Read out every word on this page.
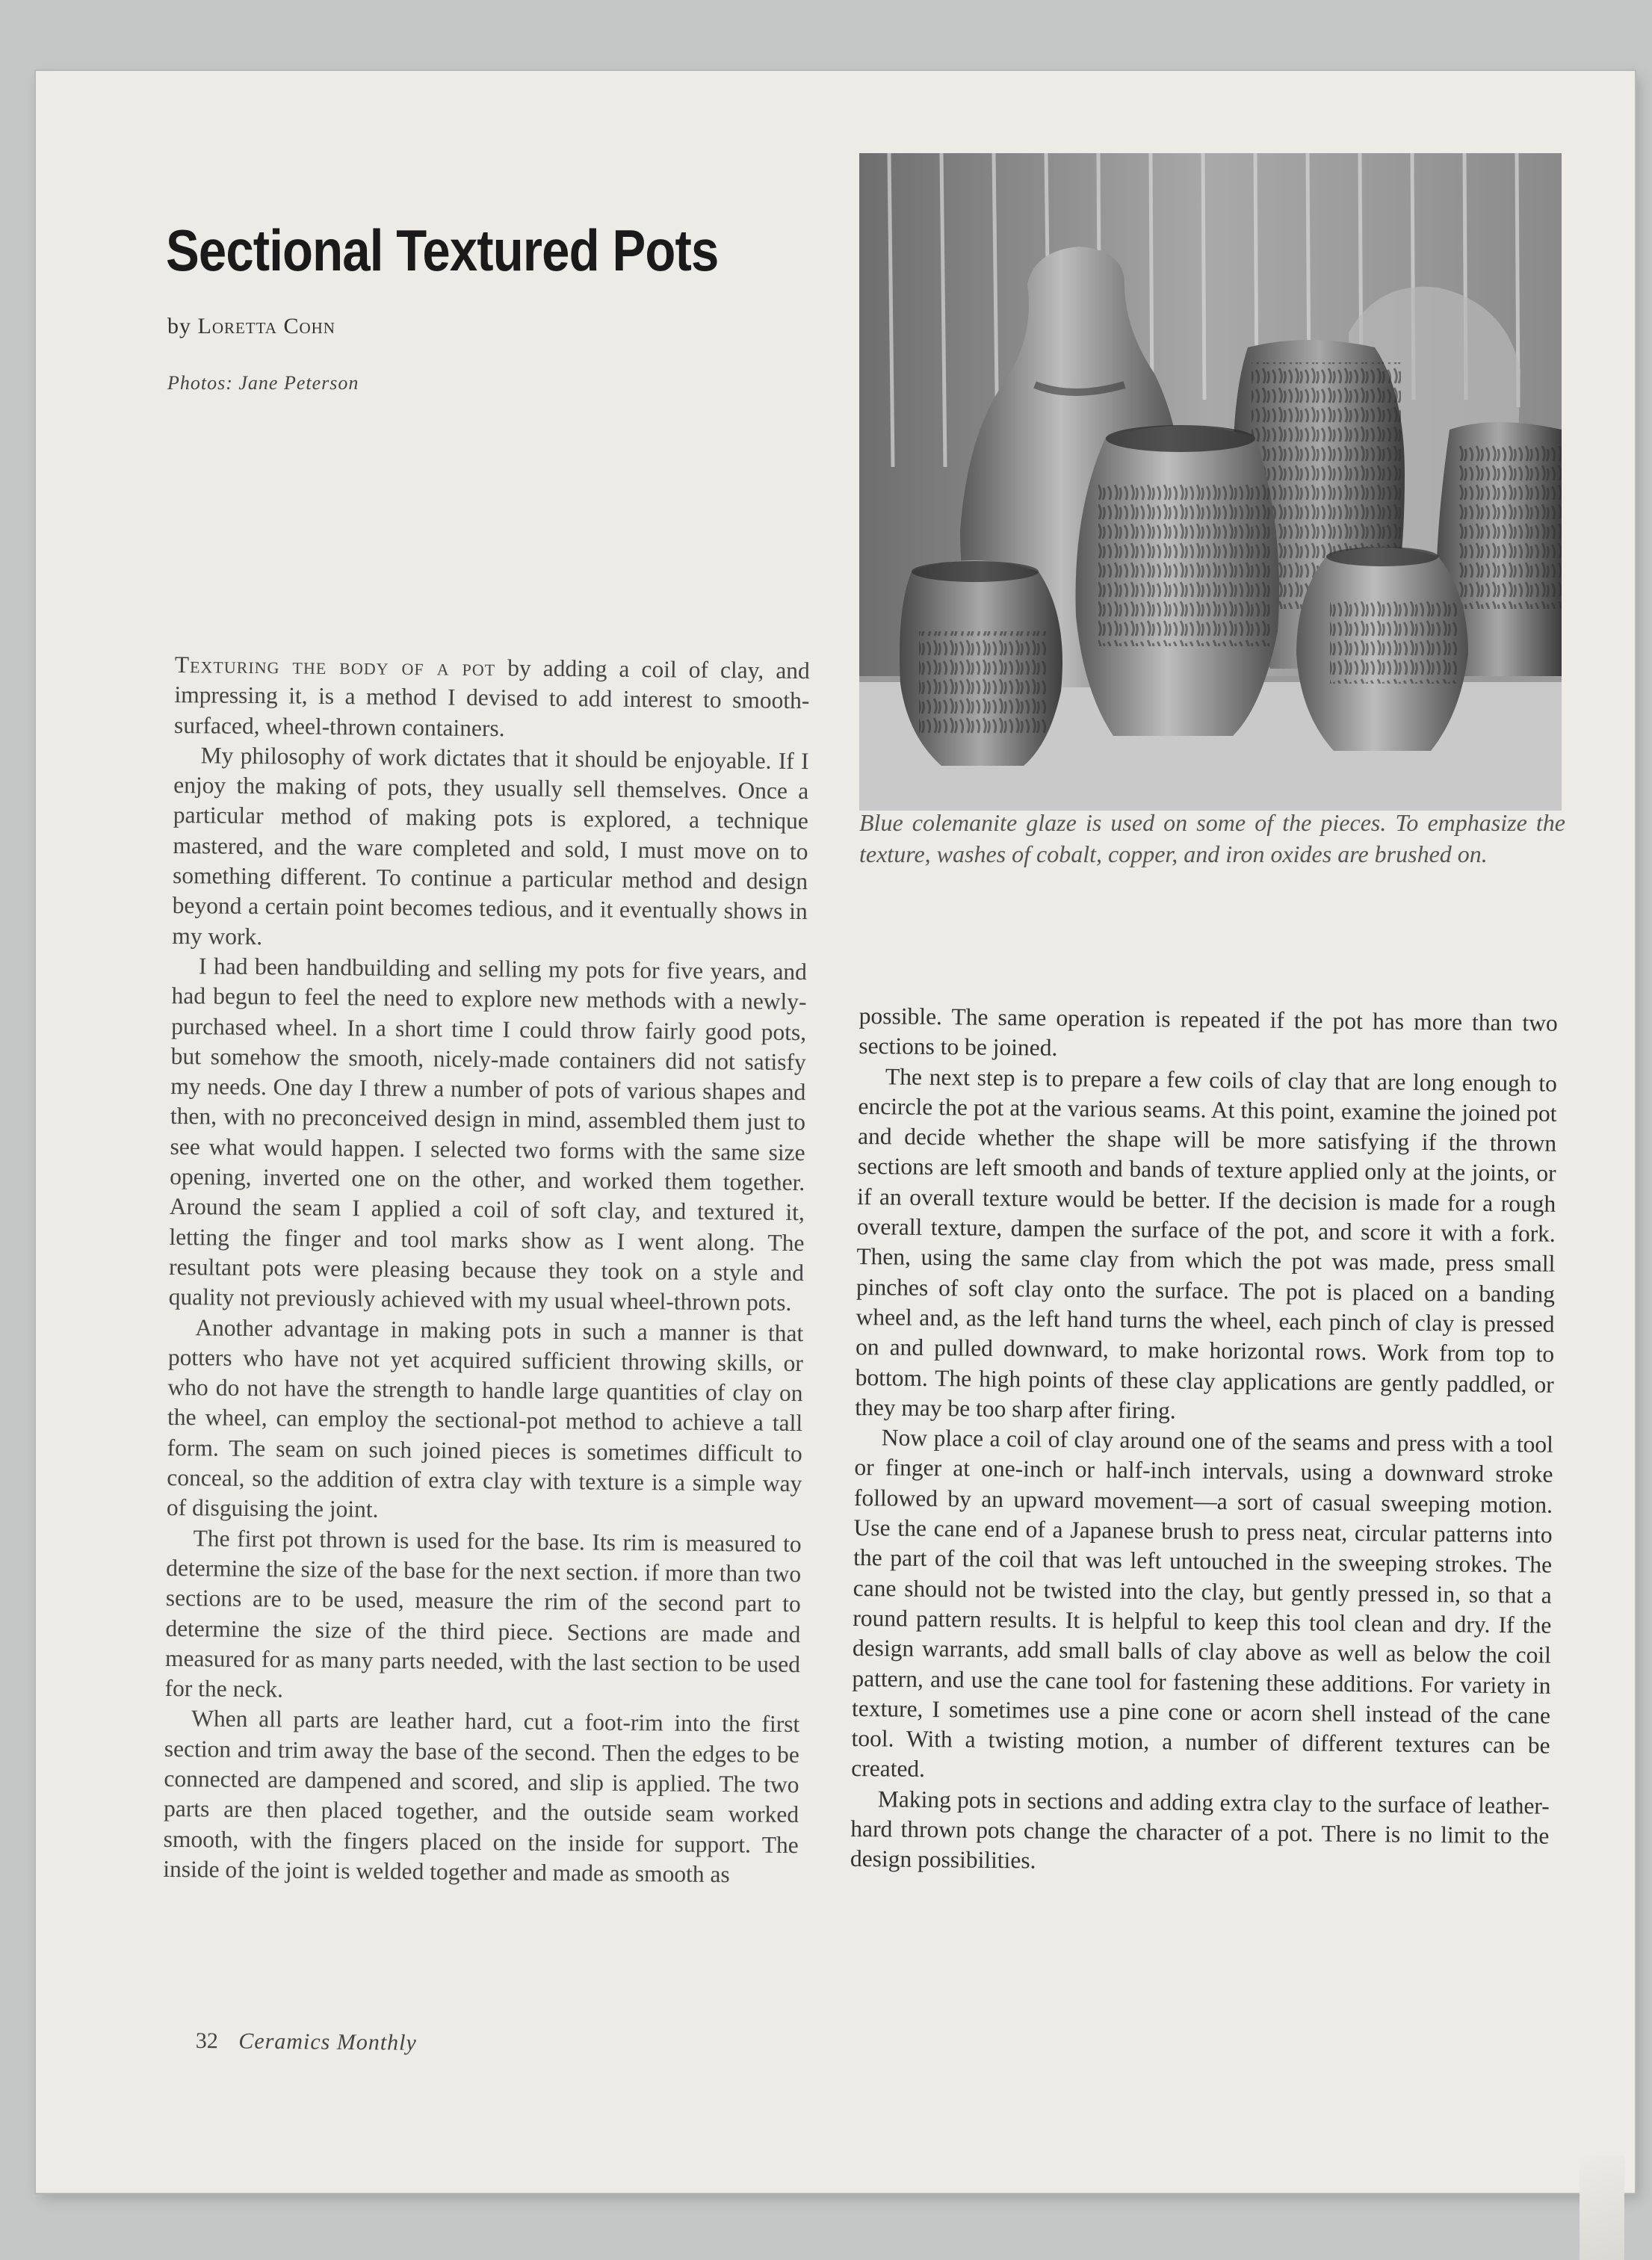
Sectional Textured Pots
by Loretta Cohn
Photos: Jane Peterson
Blue colemanite glaze is used on some of the pieces. To emphasize the texture, washes of cobalt, copper, and iron oxides are brushed on.

Texturing the body of a pot by adding a coil of clay, and impressing it, is a method I devised to add interest to smooth-surfaced, wheel-thrown containers.

My philosophy of work dictates that it should be enjoyable. If I enjoy the making of pots, they usually sell themselves. Once a particular method of making pots is explored, a technique mastered, and the ware completed and sold, I must move on to something different. To continue a particular method and design beyond a certain point becomes tedious, and it eventually shows in my work.

I had been handbuilding and selling my pots for five years, and had begun to feel the need to explore new methods with a newly-purchased wheel. In a short time I could throw fairly good pots, but somehow the smooth, nicely-made containers did not satisfy my needs. One day I threw a number of pots of various shapes and then, with no preconceived design in mind, assembled them just to see what would happen. I selected two forms with the same size opening, inverted one on the other, and worked them together. Around the seam I applied a coil of soft clay, and textured it, letting the finger and tool marks show as I went along. The resultant pots were pleasing because they took on a style and quality not previously achieved with my usual wheel-thrown pots.

Another advantage in making pots in such a manner is that potters who have not yet acquired sufficient throwing skills, or who do not have the strength to handle large quantities of clay on the wheel, can employ the sectional-pot method to achieve a tall form. The seam on such joined pieces is sometimes difficult to conceal, so the addition of extra clay with texture is a simple way of disguising the joint.

The first pot thrown is used for the base. Its rim is measured to determine the size of the base for the next section. if more than two sections are to be used, measure the rim of the second part to determine the size of the third piece. Sections are made and measured for as many parts needed, with the last section to be used for the neck.

When all parts are leather hard, cut a foot-rim into the first section and trim away the base of the second. Then the edges to be connected are dampened and scored, and slip is applied. The two parts are then placed together, and the outside seam worked smooth, with the fingers placed on the inside for support. The inside of the joint is welded together and made as smooth as

possible. The same operation is repeated if the pot has more than two sections to be joined.

The next step is to prepare a few coils of clay that are long enough to encircle the pot at the various seams. At this point, examine the joined pot and decide whether the shape will be more satisfying if the thrown sections are left smooth and bands of texture applied only at the joints, or if an overall texture would be better. If the decision is made for a rough overall texture, dampen the surface of the pot, and score it with a fork. Then, using the same clay from which the pot was made, press small pinches of soft clay onto the surface. The pot is placed on a banding wheel and, as the left hand turns the wheel, each pinch of clay is pressed on and pulled downward, to make horizontal rows. Work from top to bottom. The high points of these clay applications are gently paddled, or they may be too sharp after firing.

Now place a coil of clay around one of the seams and press with a tool or finger at one-inch or half-inch intervals, using a downward stroke followed by an upward movement—a sort of casual sweeping motion. Use the cane end of a Japanese brush to press neat, circular patterns into the part of the coil that was left untouched in the sweeping strokes. The cane should not be twisted into the clay, but gently pressed in, so that a round pattern results. It is helpful to keep this tool clean and dry. If the design warrants, add small balls of clay above as well as below the coil pattern, and use the cane tool for fastening these additions. For variety in texture, I sometimes use a pine cone or acorn shell instead of the cane tool. With a twisting motion, a number of different textures can be created.

Making pots in sections and adding extra clay to the surface of leather-hard thrown pots change the character of a pot. There is no limit to the design possibilities.

32 Ceramics Monthly
